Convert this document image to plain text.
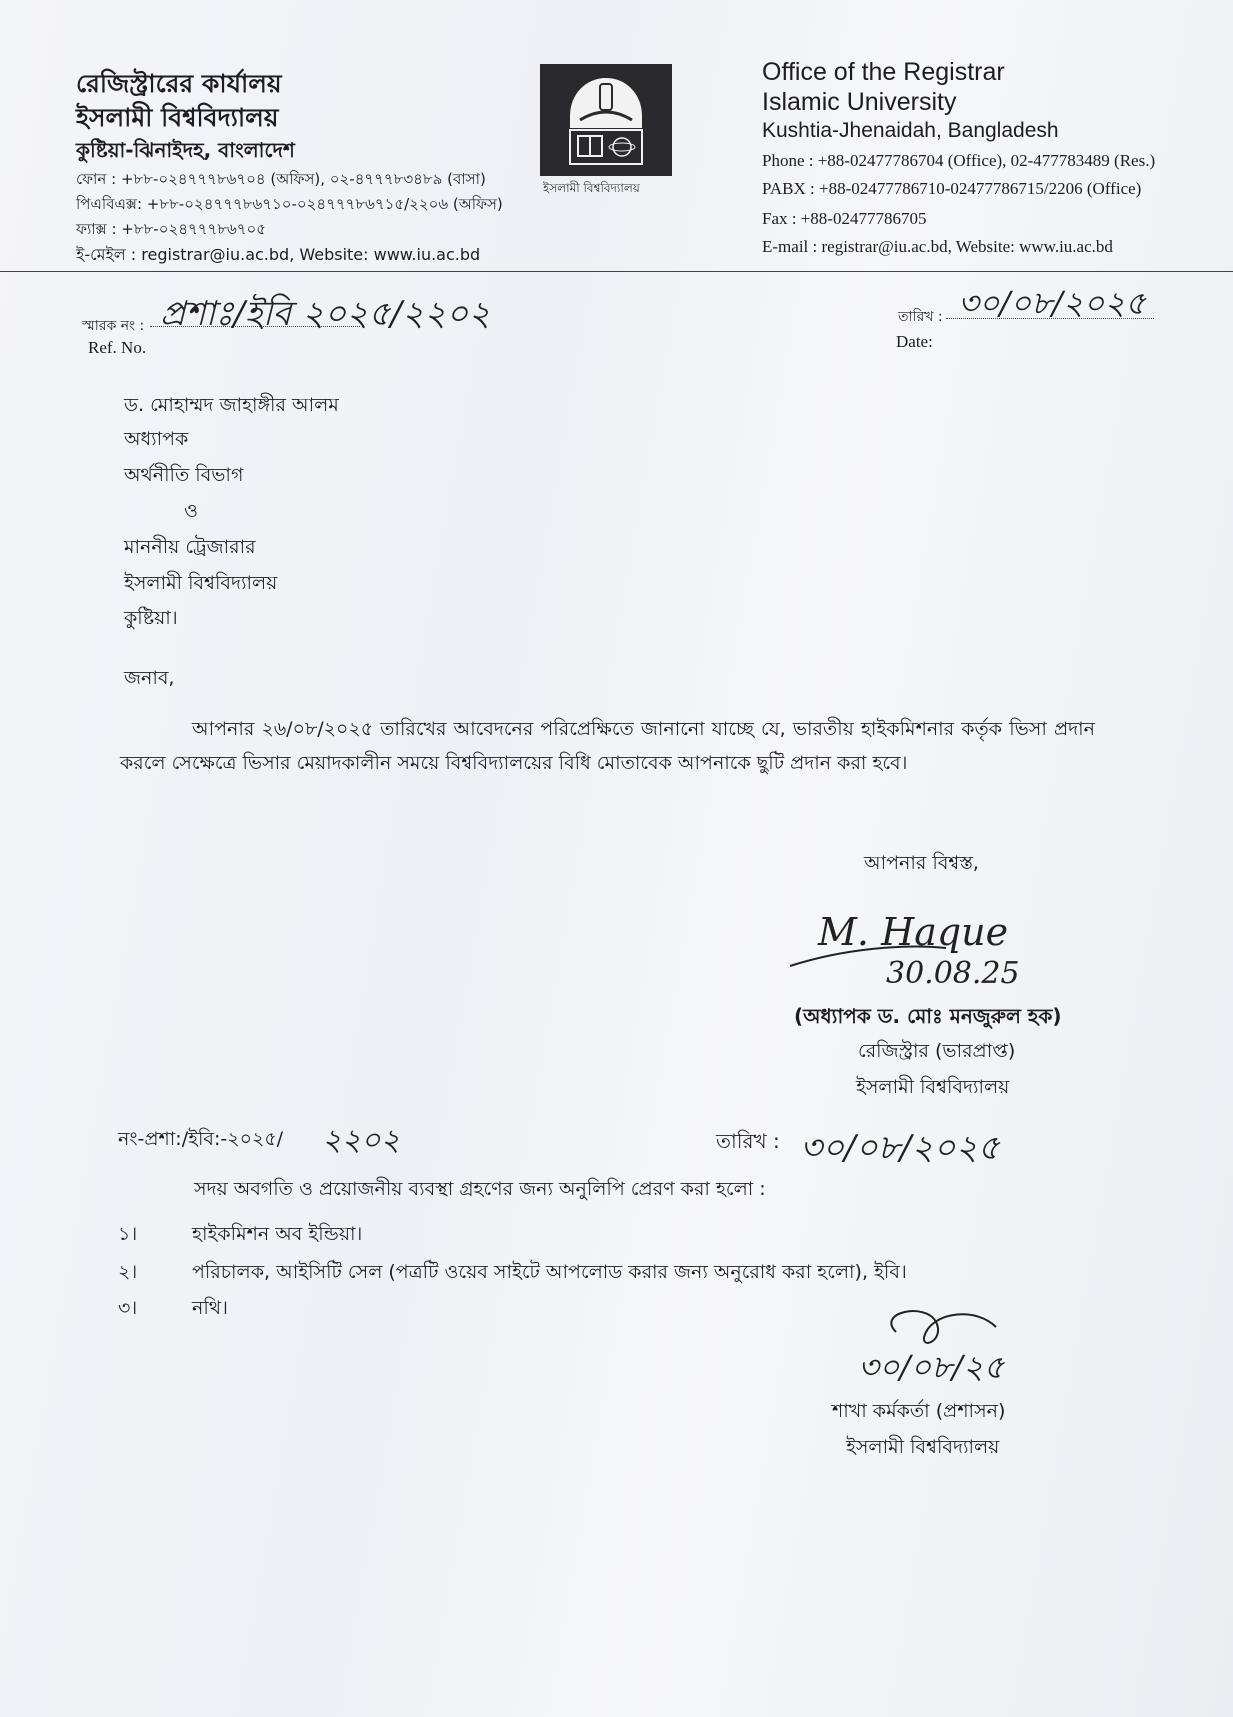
রেজিস্ট্রারের কার্যালয়
ইসলামী বিশ্ববিদ্যালয়
কুষ্টিয়া-ঝিনাইদহ, বাংলাদেশ
ফোন : +৮৮-০২৪৭৭৭৮৬৭০৪ (অফিস), ০২-৪৭৭৭৮৩৪৮৯ (বাসা)
পিএবিএক্স: +৮৮-০২৪৭৭৭৮৬৭১০-০২৪৭৭৭৮৬৭১৫/২২০৬ (অফিস)
ফ্যাক্স : +৮৮-০২৪৭৭৭৮৬৭০৫
ই-মেইল : registrar@iu.ac.bd, Website: www.iu.ac.bd
ইসলামী বিশ্ববিদ্যালয়
Office of the Registrar
Islamic University
Kushtia-Jhenaidah, Bangladesh
Phone : +88-02477786704 (Office), 02-477783489 (Res.)
PABX : +88-02477786710-02477786715/2206 (Office)
Fax : +88-02477786705
E-mail : registrar@iu.ac.bd, Website: www.iu.ac.bd
স্মারক নং : প্রশাঃ/ইবি ২০২৫/২২০২
Ref. No.
তারিখ : ৩০/০৮/২০২৫
Date:
ড. মোহাম্মদ জাহাঙ্গীর আলম
অধ্যাপক
অর্থনীতি বিভাগ
ও
মাননীয় ট্রেজারার
ইসলামী বিশ্ববিদ্যালয়
কুষ্টিয়া।
জনাব,
আপনার ২৬/০৮/২০২৫ তারিখের আবেদনের পরিপ্রেক্ষিতে জানানো যাচ্ছে যে, ভারতীয় হাইকমিশনার কর্তৃক ভিসা প্রদান করলে সেক্ষেত্রে ভিসার মেয়াদকালীন সময়ে বিশ্ববিদ্যালয়ের বিধি মোতাবেক আপনাকে ছুটি প্রদান করা হবে।
আপনার বিশ্বস্ত,
M. Haque
30.08.25
(অধ্যাপক ড. মোঃ মনজুরুল হক)
রেজিস্ট্রার (ভারপ্রাপ্ত)
ইসলামী বিশ্ববিদ্যালয়
নং-প্রশা:/ইবি:-২০২৫/ ২২০২	তারিখ : ৩০/০৮/২০২৫
সদয় অবগতি ও প্রয়োজনীয় ব্যবস্থা গ্রহণের জন্য অনুলিপি প্রেরণ করা হলো :
১।	হাইকমিশন অব ইন্ডিয়া।
২।	পরিচালক, আইসিটি সেল (পত্রটি ওয়েব সাইটে আপলোড করার জন্য অনুরোধ করা হলো), ইবি।
৩।	নথি।
৩০/০৮/২৫
শাখা কর্মকর্তা (প্রশাসন)
ইসলামী বিশ্ববিদ্যালয়
